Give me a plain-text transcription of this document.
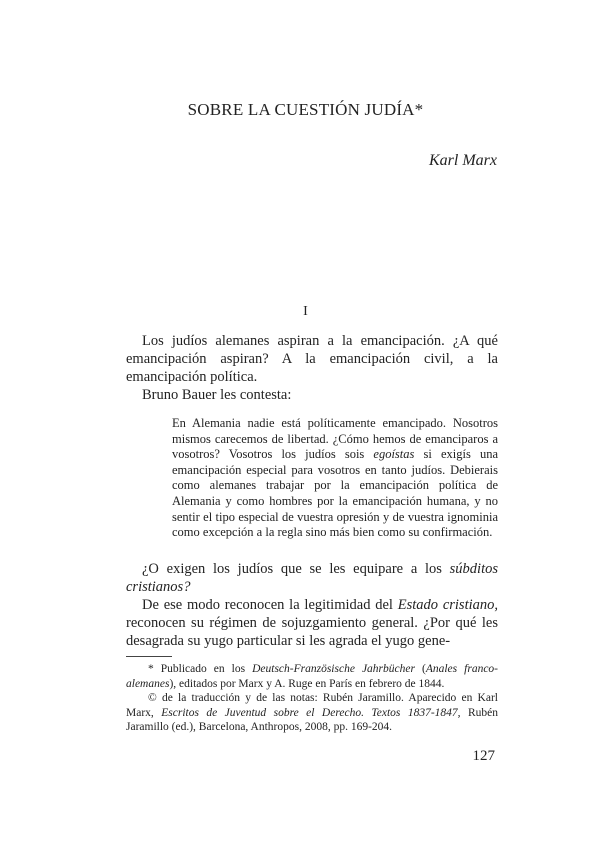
SOBRE LA CUESTIÓN JUDÍA*
Karl Marx
I

Los judíos alemanes aspiran a la emancipación. ¿A qué emancipación aspiran? A la emancipación civil, a la emancipación política.

Bruno Bauer les contesta:

En Alemania nadie está políticamente emancipado. Nosotros mismos carecemos de libertad. ¿Cómo hemos de emanciparos a vosotros? Vosotros los judíos sois egoístas si exigís una emancipación especial para vosotros en tanto judíos. Debierais como alemanes trabajar por la emancipación política de Alemania y como hombres por la emancipación humana, y no sentir el tipo especial de vuestra opresión y de vuestra ignominia como excepción a la regla sino más bien como su confirmación.

¿O exigen los judíos que se les equipare a los súbditos cristianos?

De ese modo reconocen la legitimidad del Estado cristiano, reconocen su régimen de sojuzgamiento general. ¿Por qué les desagrada su yugo particular si les agrada el yugo gene-

* Publicado en los Deutsch-Französische Jahrbücher (Anales franco-alemanes), editados por Marx y A. Ruge en París en febrero de 1844.

© de la traducción y de las notas: Rubén Jaramillo. Aparecido en Karl Marx, Escritos de Juventud sobre el Derecho. Textos 1837-1847, Rubén Jaramillo (ed.), Barcelona, Anthropos, 2008, pp. 169-204.

127
